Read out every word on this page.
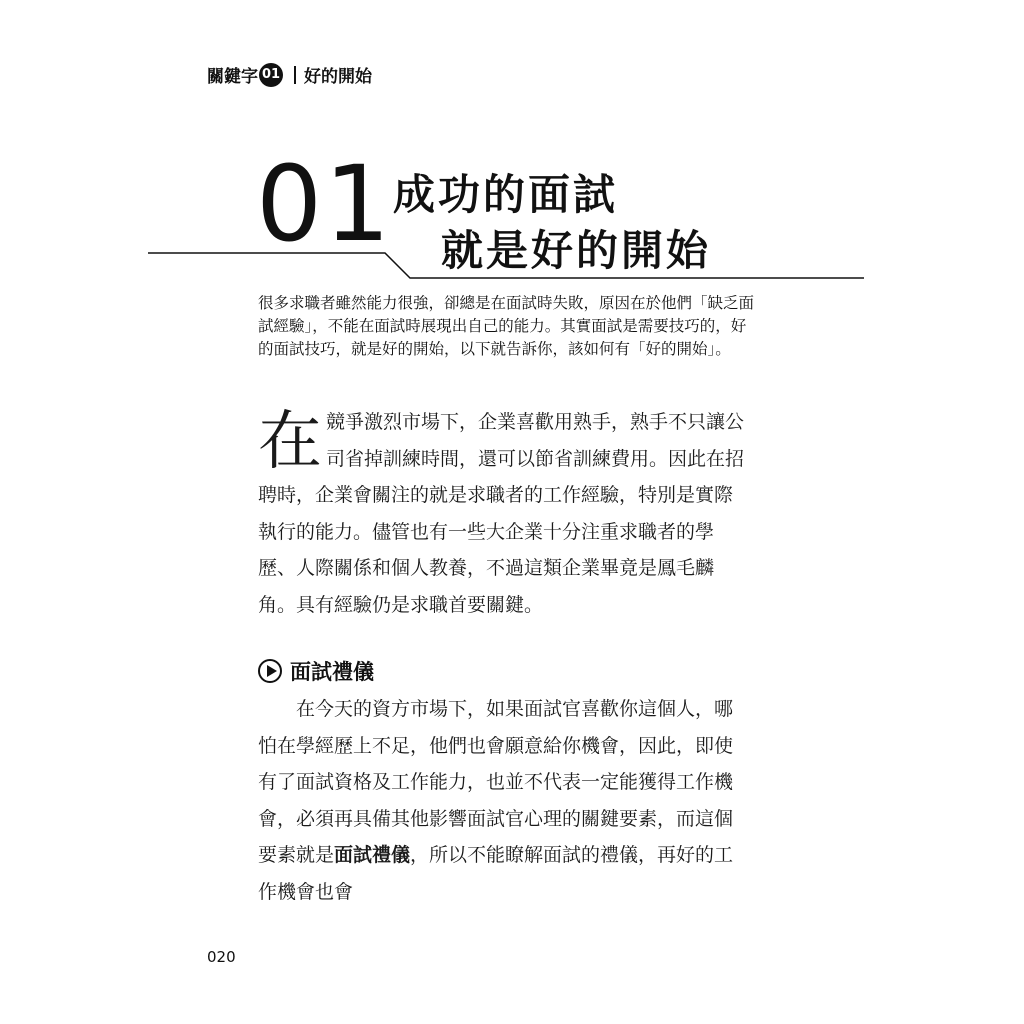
關鍵字 01 好的開始
01 成功的面試
就是好的開始
很多求職者雖然能力很強，卻總是在面試時失敗，原因在於他們「缺乏面
試經驗」，不能在面試時展現出自己的能力。其實面試是需要技巧的，好
的面試技巧，就是好的開始，以下就告訴你，該如何有「好的開始」。
在 競爭激烈市場下，企業喜歡用熟手，熟手不只讓公司省掉訓練時間，還可以節省訓練費用。因此在招聘時，企業會關注的就是求職者的工作經驗，特別是實際執行的能力。儘管也有一些大企業十分注重求職者的學歷、人際關係和個人教養，不過這類企業畢竟是鳳毛麟角。具有經驗仍是求職首要關鍵。
面試禮儀
在今天的資方市場下，如果面試官喜歡你這個人，哪怕在學經歷上不足，他們也會願意給你機會，因此，即使有了面試資格及工作能力，也並不代表一定能獲得工作機會，必須再具備其他影響面試官心理的關鍵要素，而這個要素就是面試禮儀，所以不能瞭解面試的禮儀，再好的工作機會也會
020
